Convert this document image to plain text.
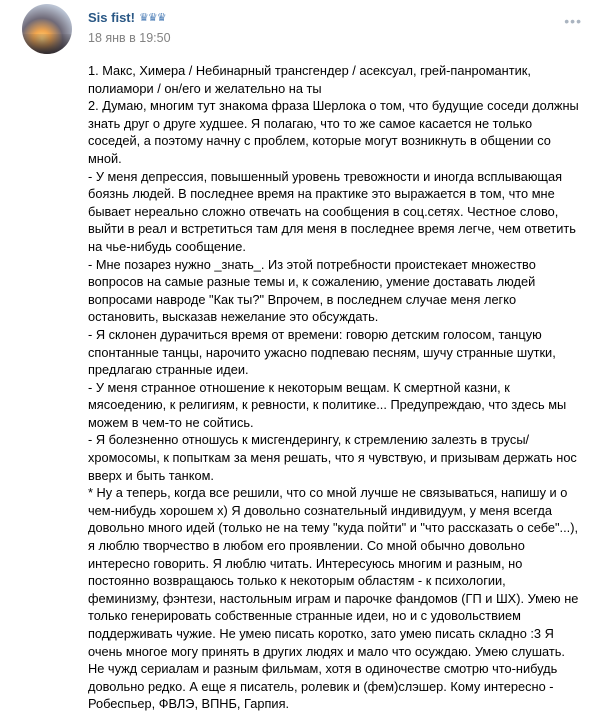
Sis fist! ♛♛♛
18 янв в 19:50
•••
1. Макс, Химера / Небинарный трансгендер / асексуал, грей-панромантик,
полиамори / он/его и желательно на ты
2. Думаю, многим тут знакома фраза Шерлока о том, что будущие соседи должны
знать друг о друге худшее. Я полагаю, что то же самое касается не только
соседей, а поэтому начну с проблем, которые могут возникнуть в общении со
мной.
- У меня депрессия, повышенный уровень тревожности и иногда всплывающая
боязнь людей. В последнее время на практике это выражается в том, что мне
бывает нереально сложно отвечать на сообщения в соц.сетях. Честное слово,
выйти в реал и встретиться там для меня в последнее время легче, чем ответить
на чье-нибудь сообщение.
- Мне позарез нужно _знать_. Из этой потребности проистекает множество
вопросов на самые разные темы и, к сожалению, умение доставать людей
вопросами навроде "Как ты?" Впрочем, в последнем случае меня легко
остановить, высказав нежелание это обсуждать.
- Я склонен дурачиться время от времени: говорю детским голосом, танцую
спонтанные танцы, нарочито ужасно подпеваю песням, шучу странные шутки,
предлагаю странные идеи.
- У меня странное отношение к некоторым вещам. К смертной казни, к
мясоедению, к религиям, к ревности, к политике... Предупреждаю, что здесь мы
можем в чем-то не сойтись.
- Я болезненно отношусь к мисгендерингу, к стремлению залезть в трусы/
хромосомы, к попыткам за меня решать, что я чувствую, и призывам держать нос
вверх и быть танком.
* Ну а теперь, когда все решили, что со мной лучше не связываться, напишу и о
чем-нибудь хорошем х) Я довольно сознательный индивидуум, у меня всегда
довольно много идей (только не на тему "куда пойти" и "что рассказать о себе"...),
я люблю творчество в любом его проявлении. Со мной обычно довольно
интересно говорить. Я люблю читать. Интересуюсь многим и разным, но
постоянно возвращаюсь только к некоторым областям - к психологии,
феминизму, фэнтези, настольным играм и парочке фандомов (ГП и ШХ). Умею не
только генерировать собственные странные идеи, но и с удовольствием
поддерживать чужие. Не умею писать коротко, зато умею писать складно :3 Я
очень многое могу принять в других людях и мало что осуждаю. Умею слушать.
Не чужд сериалам и разным фильмам, хотя в одиночестве смотрю что-нибудь
довольно редко. А еще я писатель, ролевик и (фем)слэшер. Кому интересно -
Робеспьер, ФВЛЭ, ВПНБ, Гарпия.
